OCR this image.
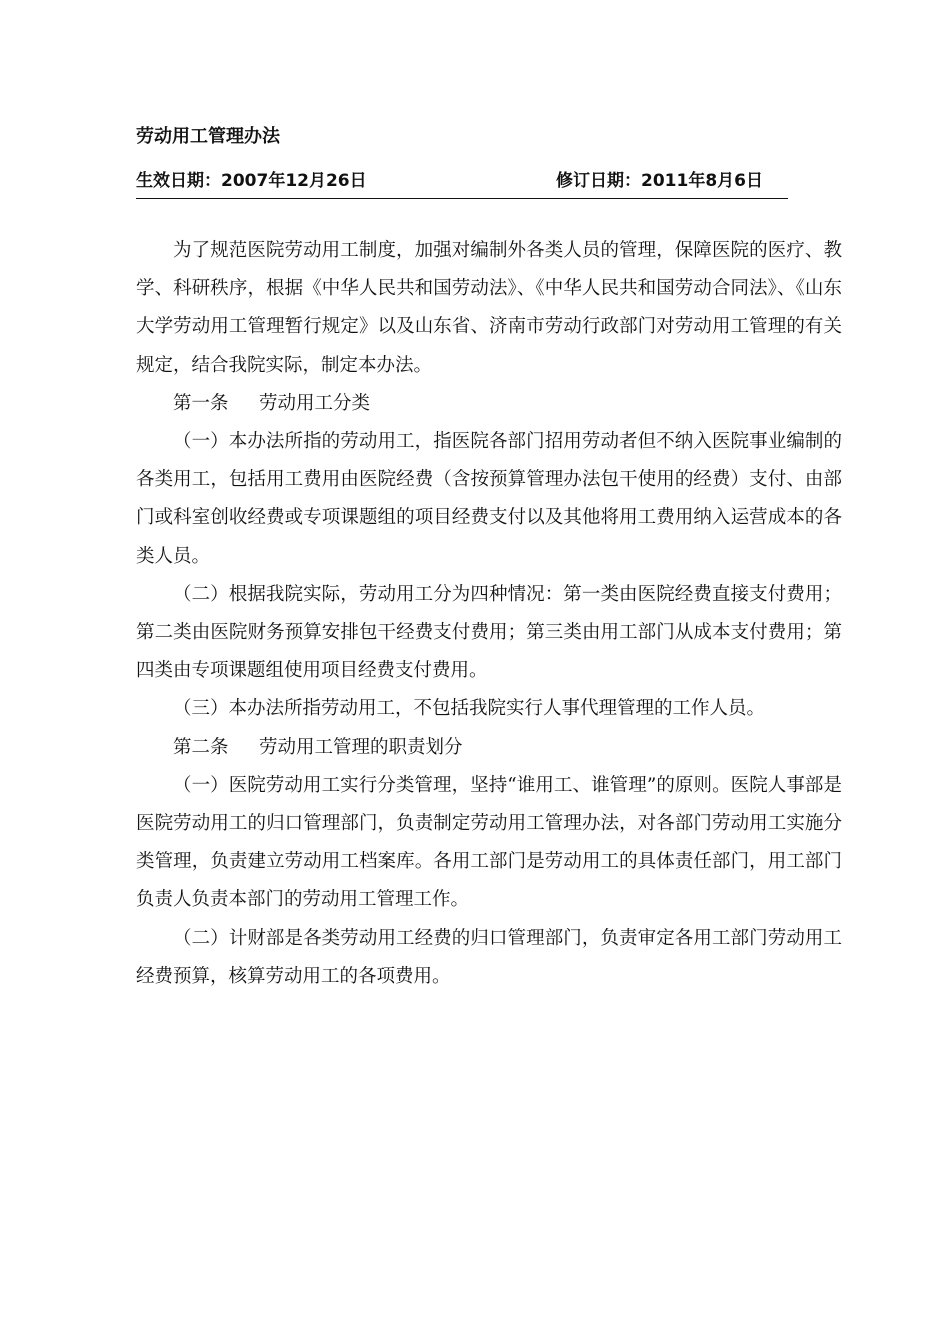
劳动用工管理办法
生效日期：2007年12月26日	修订日期：2011年8月6日

为了规范医院劳动用工制度，加强对编制外各类人员的管理，保障医院的医疗、教学、科研秩序，根据《中华人民共和国劳动法》、《中华人民共和国劳动合同法》、《山东大学劳动用工管理暂行规定》以及山东省、济南市劳动行政部门对劳动用工管理的有关规定，结合我院实际，制定本办法。

第一条 劳动用工分类

（一）本办法所指的劳动用工，指医院各部门招用劳动者但不纳入医院事业编制的各类用工，包括用工费用由医院经费（含按预算管理办法包干使用的经费）支付、由部门或科室创收经费或专项课题组的项目经费支付以及其他将用工费用纳入运营成本的各类人员。

（二）根据我院实际，劳动用工分为四种情况：第一类由医院经费直接支付费用；第二类由医院财务预算安排包干经费支付费用；第三类由用工部门从成本支付费用；第四类由专项课题组使用项目经费支付费用。

（三）本办法所指劳动用工，不包括我院实行人事代理管理的工作人员。

第二条 劳动用工管理的职责划分

（一）医院劳动用工实行分类管理，坚持“谁用工、谁管理”的原则。医院人事部是医院劳动用工的归口管理部门，负责制定劳动用工管理办法，对各部门劳动用工实施分类管理，负责建立劳动用工档案库。各用工部门是劳动用工的具体责任部门，用工部门负责人负责本部门的劳动用工管理工作。

（二）计财部是各类劳动用工经费的归口管理部门，负责审定各用工部门劳动用工经费预算，核算劳动用工的各项费用。
